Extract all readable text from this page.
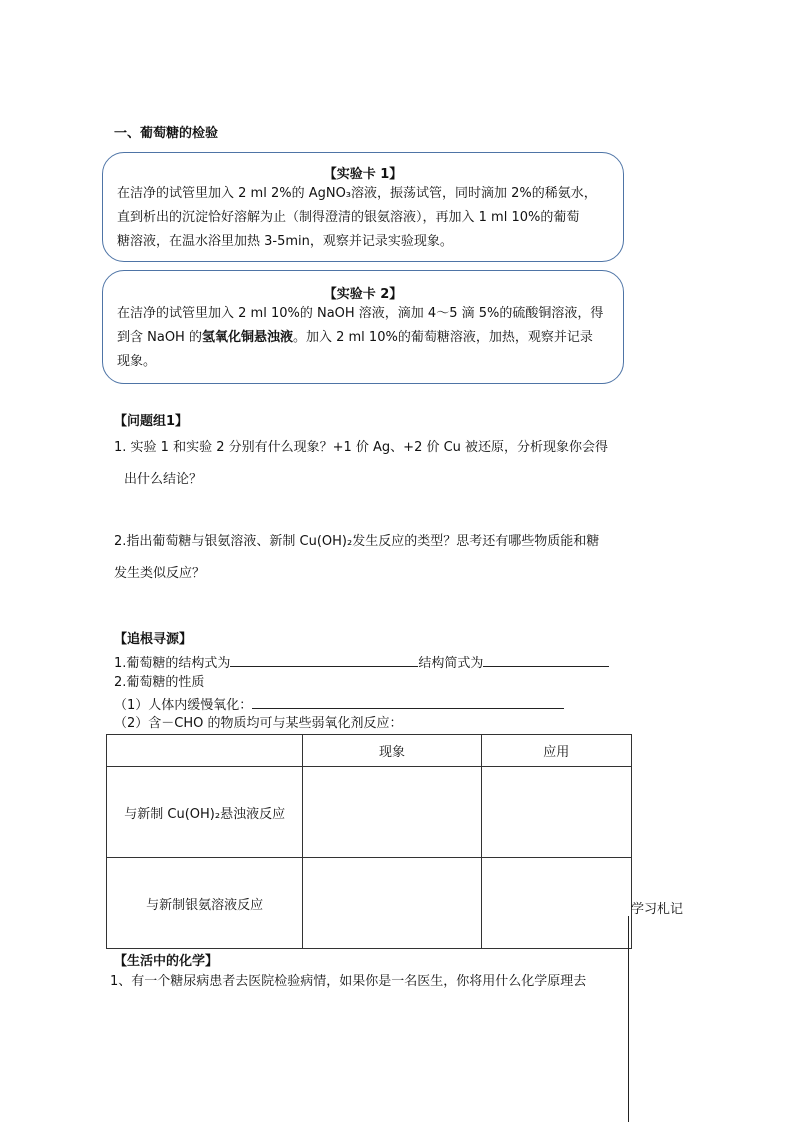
一、葡萄糖的检验
【实验卡 1】
在洁净的试管里加入 2 ml 2%的 AgNO₃溶液，振荡试管，同时滴加 2%的稀氨水，
直到析出的沉淀恰好溶解为止（制得澄清的银氨溶液），再加入 1 ml 10%的葡萄
糖溶液，在温水浴里加热 3-5min，观察并记录实验现象。
【实验卡 2】
在洁净的试管里加入 2 ml 10%的 NaOH 溶液，滴加 4～5 滴 5%的硫酸铜溶液，得
到含 NaOH 的氢氧化铜悬浊液。加入 2 ml 10%的葡萄糖溶液，加热，观察并记录
现象。
【问题组1】
1. 实验 1 和实验 2 分别有什么现象？+1 价 Ag、+2 价 Cu 被还原，分析现象你会得
出什么结论？
2.指出葡萄糖与银氨溶液、新制 Cu(OH)₂发生反应的类型？思考还有哪些物质能和糖
发生类似反应？
【追根寻源】
1.葡萄糖的结构式为	结构简式为
2.葡萄糖的性质
（1）人体内缓慢氧化：
（2）含－CHO 的物质均可与某些弱氧化剂反应：
	现象	应用
与新制 Cu(OH)₂悬浊液反应		
与新制银氨溶液反应			学习札记
【生活中的化学】
1、有一个糖尿病患者去医院检验病情，如果你是一名医生，你将用什么化学原理去
